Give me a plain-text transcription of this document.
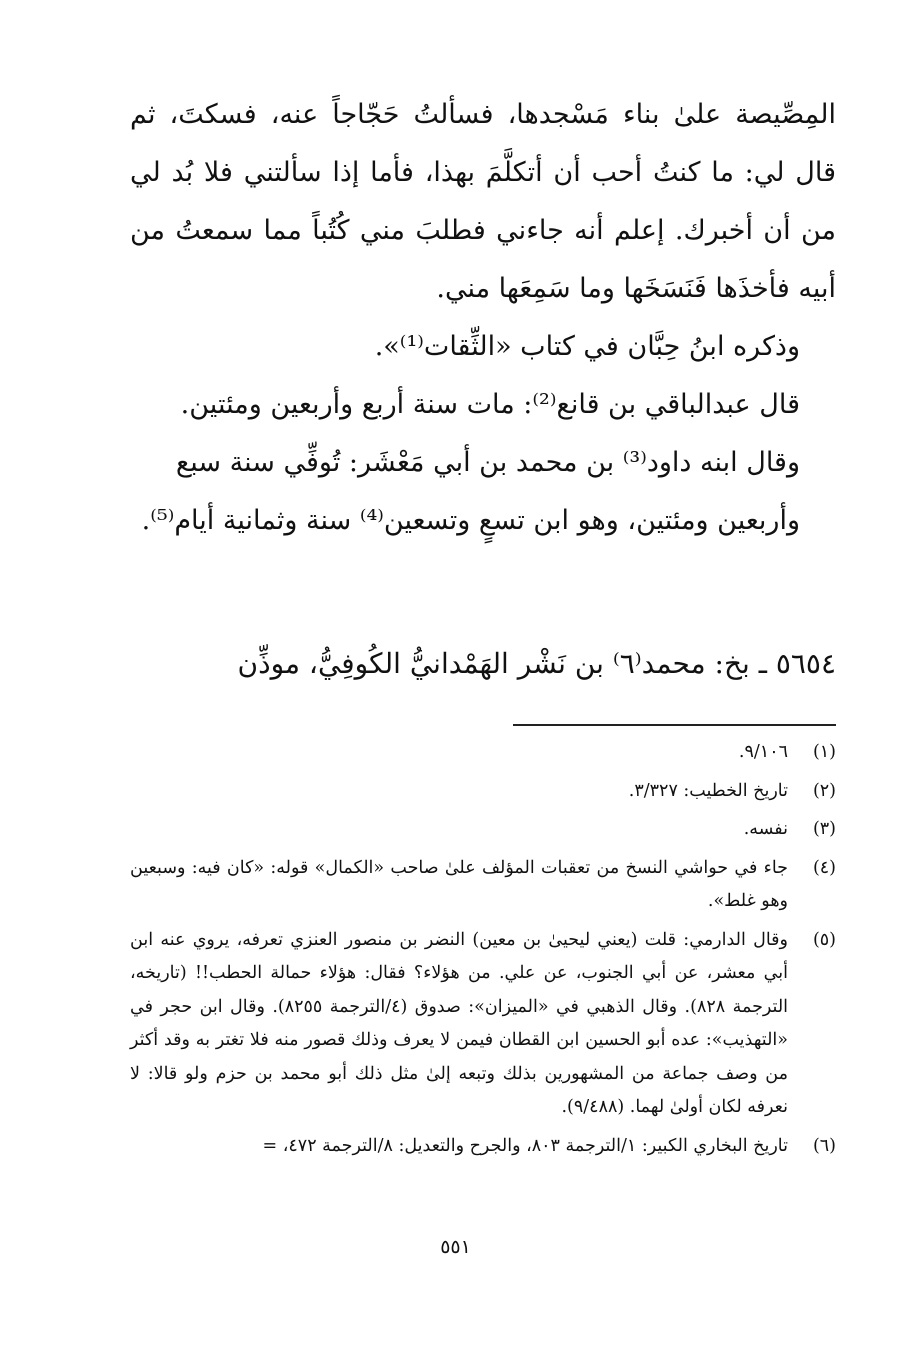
المِصِّيصة علىٰ بناء مَسْجدها، فسألتُ حَجّاجاً عنه، فسكتَ، ثم قال لي: ما كنتُ أحب أن أتكلَّمَ بهذا، فأما إذا سألتني فلا بُد لي من أن أخبرك. إعلم أنه جاءني فطلبَ مني كُتُباً مما سمعتُ من أبيه فأخذَها فَنَسَخَها وما سَمِعَها مني.

وذكره ابنُ حِبَّان في كتاب «الثِّقات⁽¹⁾».

قال عبدالباقي بن قانع⁽²⁾: مات سنة أربع وأربعين ومئتين.

وقال ابنه داود⁽³⁾ بن محمد بن أبي مَعْشَر: تُوفِّي سنة سبع وأربعين ومئتين، وهو ابن تسعٍ وتسعين⁽⁴⁾ سنة وثمانية أيام⁽⁵⁾.

٥٦٥٤ ـ بخ: محمد⁽٦⁾ بن نَشْر الهَمْدانيُّ الكُوفِيُّ، موذِّن

(١)

٩/١٠٦.

(٢)

تاريخ الخطيب: ٣/٣٢٧.

(٣)

نفسه.

(٤)

جاء في حواشي النسخ من تعقبات المؤلف علىٰ صاحب «الكمال» قوله: «كان فيه: وسبعين وهو غلط».

(٥)

وقال الدارمي: قلت (يعني ليحيىٰ بن معين) النضر بن منصور العنزي تعرفه، يروي عنه ابن أبي معشر، عن أبي الجنوب، عن علي. من هؤلاء؟ فقال: هؤلاء حمالة الحطب!! (تاريخه، الترجمة ٨٢٨). وقال الذهبي في «الميزان»: صدوق (٤/الترجمة ٨٢٥٥). وقال ابن حجر في «التهذيب»: عده أبو الحسين ابن القطان فيمن لا يعرف وذلك قصور منه فلا تغتر به وقد أكثر من وصف جماعة من المشهورين بذلك وتبعه إلىٰ مثل ذلك أبو محمد بن حزم ولو قالا: لا نعرفه لكان أولىٰ لهما. (٩/٤٨٨).

(٦)

تاريخ البخاري الكبير: ١/الترجمة ٨٠٣، والجرح والتعديل: ٨/الترجمة ٤٧٢، =

٥٥١
